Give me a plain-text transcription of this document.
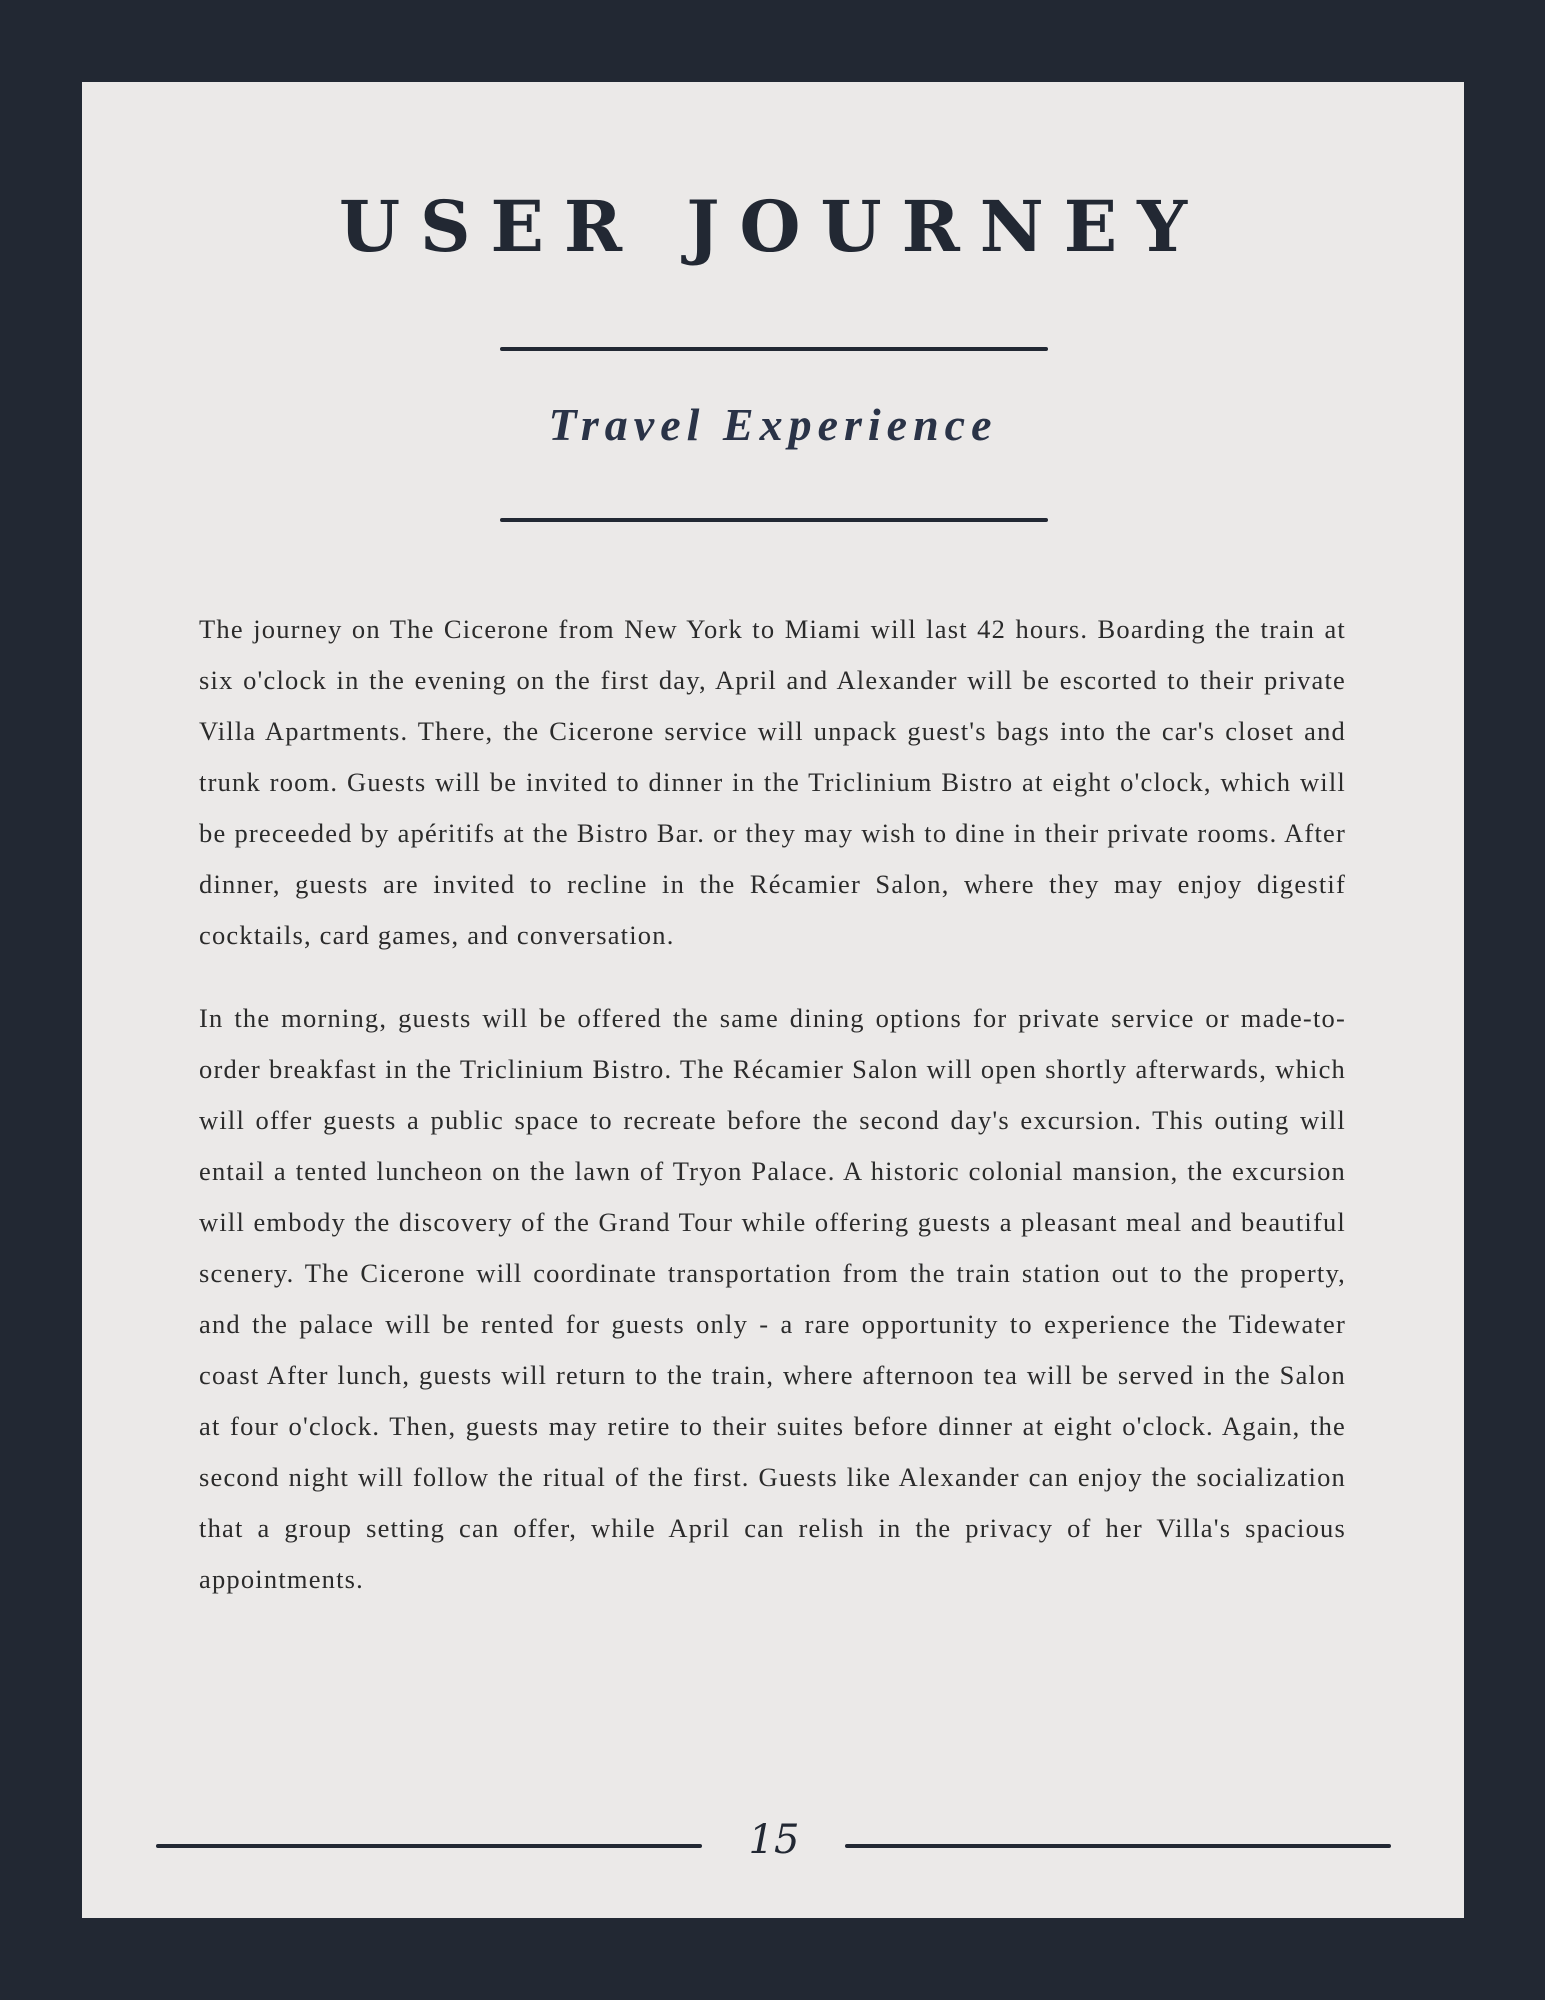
USER JOURNEY
Travel Experience

The journey on The Cicerone from New York to Miami will last 42 hours. Boarding the train at six o'clock in the evening on the first day, April and Alexander will be escorted to their private Villa Apartments. There, the Cicerone service will unpack guest's bags into the car's closet and trunk room. Guests will be invited to dinner in the Triclinium Bistro at eight o'clock, which will be preceeded by apéritifs at the Bistro Bar. or they may wish to dine in their private rooms. After dinner, guests are invited to recline in the Récamier Salon, where they may enjoy digestif cocktails, card games, and conversation.

In the morning, guests will be offered the same dining options for private service or made-to-order breakfast in the Triclinium Bistro. The Récamier Salon will open shortly afterwards, which will offer guests a public space to recreate before the second day's excursion. This outing will entail a tented luncheon on the lawn of Tryon Palace. A historic colonial mansion, the excursion will embody the discovery of the Grand Tour while offering guests a pleasant meal and beautiful scenery. The Cicerone will coordinate transportation from the train station out to the property, and the palace will be rented for guests only - a rare opportunity to experience the Tidewater coast After lunch, guests will return to the train, where afternoon tea will be served in the Salon at four o'clock. Then, guests may retire to their suites before dinner at eight o'clock. Again, the second night will follow the ritual of the first. Guests like Alexander can enjoy the socialization that a group setting can offer, while April can relish in the privacy of her Villa's spacious appointments.

15
